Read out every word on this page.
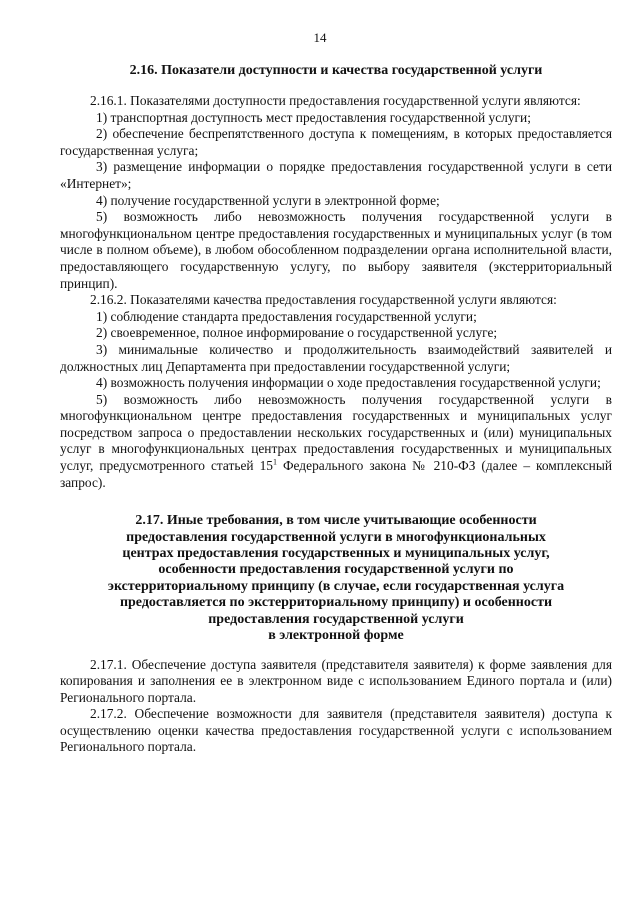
14
2.16. Показатели доступности и качества государственной услуги

2.16.1. Показателями доступности предоставления государственной услуги являются:

1) транспортная доступность мест предоставления государственной услуги;

2) обеспечение беспрепятственного доступа к помещениям, в которых предоставляется государственная услуга;

3) размещение информации о порядке предоставления государственной услуги в сети «Интернет»;

4) получение государственной услуги в электронной форме;

5) возможность либо невозможность получения государственной услуги в многофункциональном центре предоставления государственных и муниципальных услуг (в том числе в полном объеме), в любом обособленном подразделении органа исполнительной власти, предоставляющего государственную услугу, по выбору заявителя (экстерриториальный принцип).

2.16.2. Показателями качества предоставления государственной услуги являются:

1) соблюдение стандарта предоставления государственной услуги;

2) своевременное, полное информирование о государственной услуге;

3) минимальные количество и продолжительность взаимодействий заявителей и должностных лиц Департамента при предоставлении государственной услуги;

4) возможность получения информации о ходе предоставления государственной услуги;

5) возможность либо невозможность получения государственной услуги в многофункциональном центре предоставления государственных и муниципальных услуг посредством запроса о предоставлении нескольких государственных и (или) муниципальных услуг в многофункциональных центрах предоставления государственных и муниципальных услуг, предусмотренного статьей $15^1$ Федерального закона № 210-ФЗ (далее – комплексный запрос).

2.17. Иные требования, в том числе учитывающие особенности
предоставления государственной услуги в многофункциональных
центрах предоставления государственных и муниципальных услуг,
особенности предоставления государственной услуги по
экстерриториальному принципу (в случае, если государственная услуга
предоставляется по экстерриториальному принципу) и особенности
предоставления государственной услуги
в электронной форме

2.17.1. Обеспечение доступа заявителя (представителя заявителя) к форме заявления для копирования и заполнения ее в электронном виде с использованием Единого портала и (или) Регионального портала.

2.17.2. Обеспечение возможности для заявителя (представителя заявителя) доступа к осуществлению оценки качества предоставления государственной услуги с использованием Регионального портала.
